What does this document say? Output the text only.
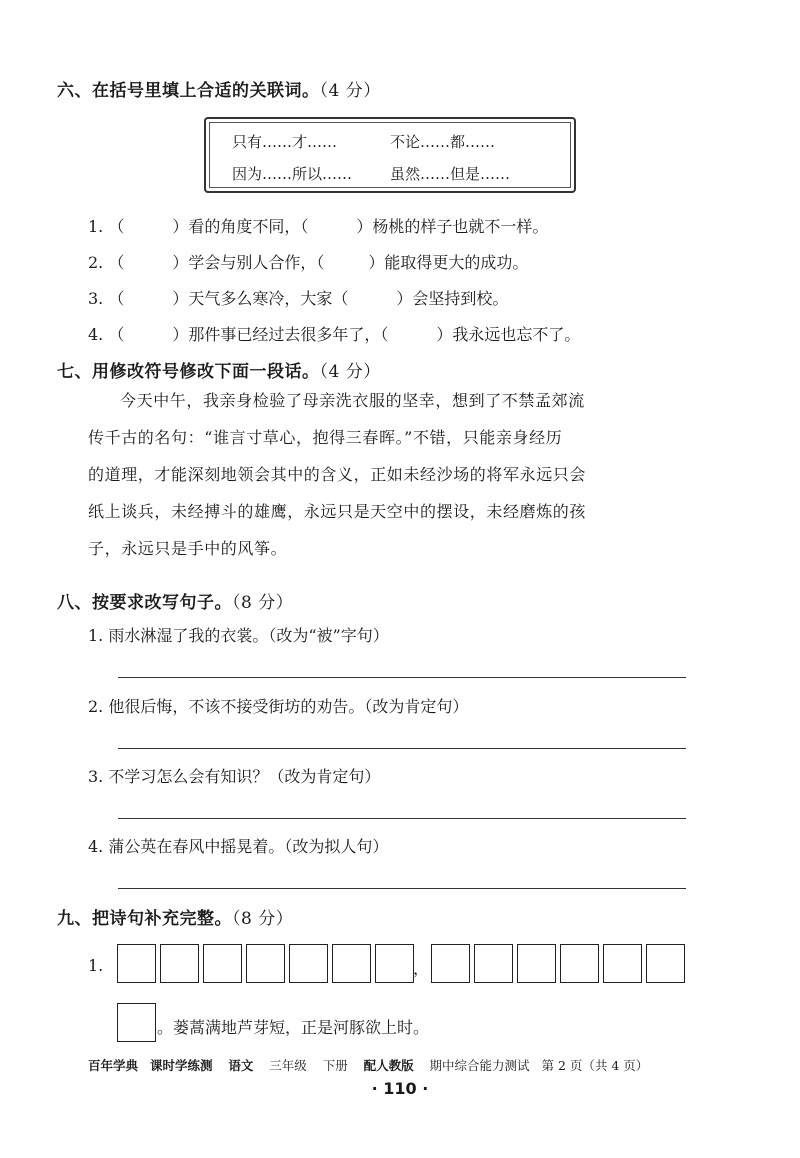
六、在括号里填上合适的关联词。（4 分）
只有……才……	不论……都……
因为……所以……	虽然……但是……
1. （	）看的角度不同，（	）杨桃的样子也就不一样。
2. （	）学会与别人合作，（	）能取得更大的成功。
3. （	）天气多么寒冷，大家（	）会坚持到校。
4. （	）那件事已经过去很多年了，（	）我永远也忘不了。
七、用修改符号修改下面一段话。（4 分）
今天中午，我亲身检验了母亲洗衣服的坚幸，想到了不禁孟郊流
传千古的名句：“谁言寸草心，抱得三春晖。”不错，只能亲身经历
的道理，才能深刻地领会其中的含义，正如未经沙场的将军永远只会
纸上谈兵，未经搏斗的雄鹰，永远只是天空中的摆设，未经磨炼的孩
子，永远只是手中的风筝。
八、按要求改写句子。（8 分）
1. 雨水淋湿了我的衣裳。（改为“被”字句）
2. 他很后悔，不该不接受街坊的劝告。（改为肯定句）
3. 不学习怎么会有知识？（改为肯定句）
4. 蒲公英在春风中摇晃着。（改为拟人句）
九、把诗句补充完整。（8 分）
1.	，
。蒌蒿满地芦芽短，正是河豚欲上时。
百年学典 课时学练测 语文 三年级 下册 配人教版 期中综合能力测试 第 2 页（共 4 页）
· 110 ·
